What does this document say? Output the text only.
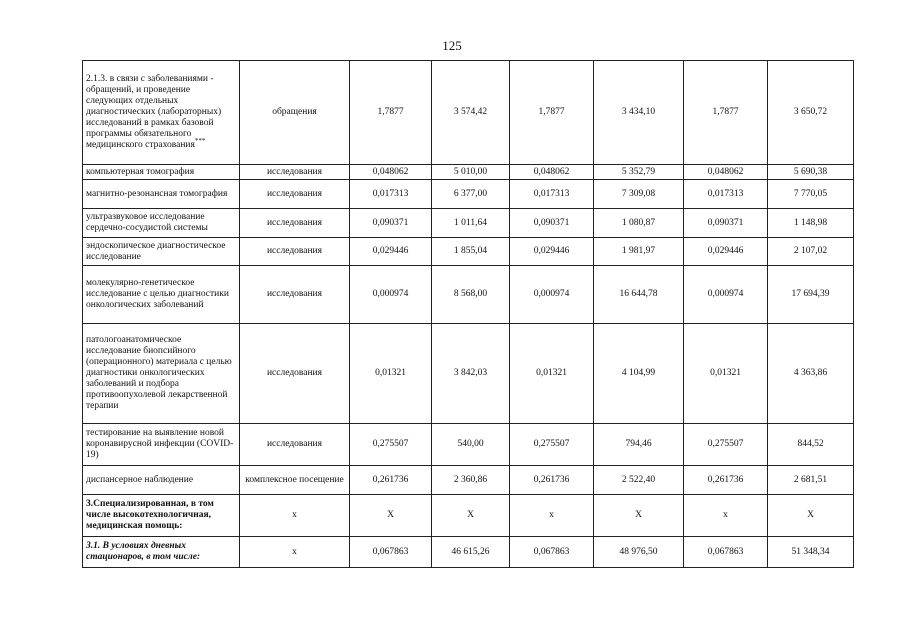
125
2.1.3. в связи с заболеваниями - обращений, и проведение следующих отдельных диагностических (лабораторных) исследований в рамках базовой программы обязательного медицинского страхования***	обращения	1,7877	3 574,42	1,7877	3 434,10	1,7877	3 650,72
компьютерная томография	исследования	0,048062	5 010,00	0,048062	5 352,79	0,048062	5 690,38
магнитно-резонансная томография	исследования	0,017313	6 377,00	0,017313	7 309,08	0,017313	7 770,05
ультразвуковое исследование сердечно-сосудистой системы	исследования	0,090371	1 011,64	0,090371	1 080,87	0,090371	1 148,98
эндоскопическое диагностическое исследование	исследования	0,029446	1 855,04	0,029446	1 981,97	0,029446	2 107,02
молекулярно-генетическое исследование с целью диагностики онкологических заболеваний	исследования	0,000974	8 568,00	0,000974	16 644,78	0,000974	17 694,39
патологоанатомическое исследование биопсийного (операционного) материала с целью диагностики онкологических заболеваний и подбора противоопухолевой лекарственной терапии	исследования	0,01321	3 842,03	0,01321	4 104,99	0,01321	4 363,86
тестирование на выявление новой коронавирусной инфекции (COVID-19)	исследования	0,275507	540,00	0,275507	794,46	0,275507	844,52
диспансерное наблюдение	комплексное посещение	0,261736	2 360,86	0,261736	2 522,40	0,261736	2 681,51
3.Специализированная, в том числе высокотехнологичная, медицинская помощь:	х	Х	Х	х	Х	х	Х
3.1. В условиях дневных стационаров, в том числе:	х	0,067863	46 615,26	0,067863	48 976,50	0,067863	51 348,34
